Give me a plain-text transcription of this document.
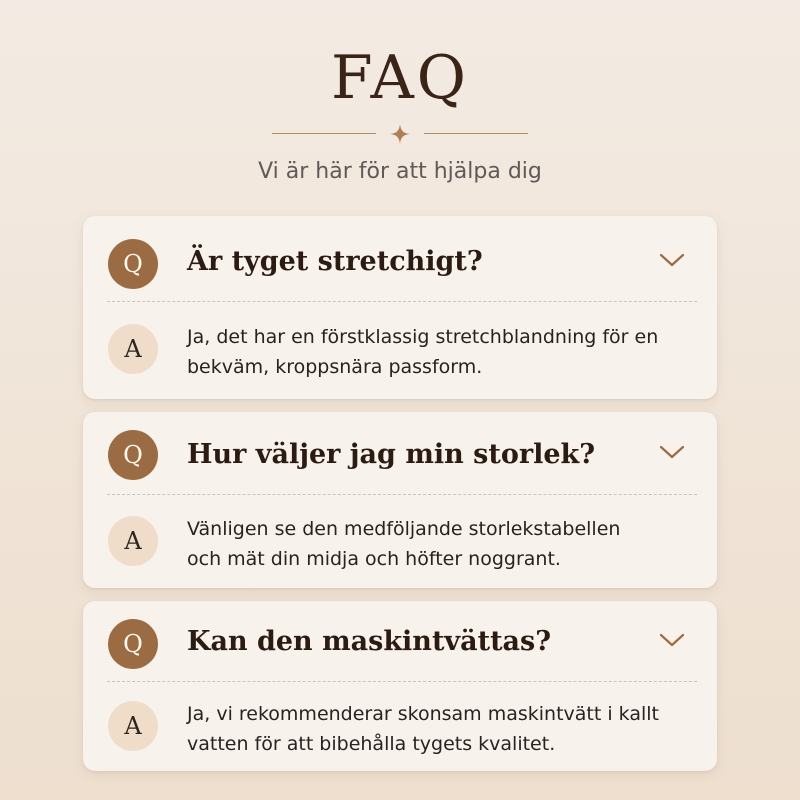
FAQ
Vi är här för att hjälpa dig
Q	Är tyget stretchigt?
A	Ja, det har en förstklassig stretchblandning för en
bekväm, kroppsnära passform.
Q	Hur väljer jag min storlek?
A	Vänligen se den medföljande storlekstabellen
och mät din midja och höfter noggrant.
Q	Kan den maskintvättas?
A	Ja, vi rekommenderar skonsam maskintvätt i kallt
vatten för att bibehålla tygets kvalitet.
